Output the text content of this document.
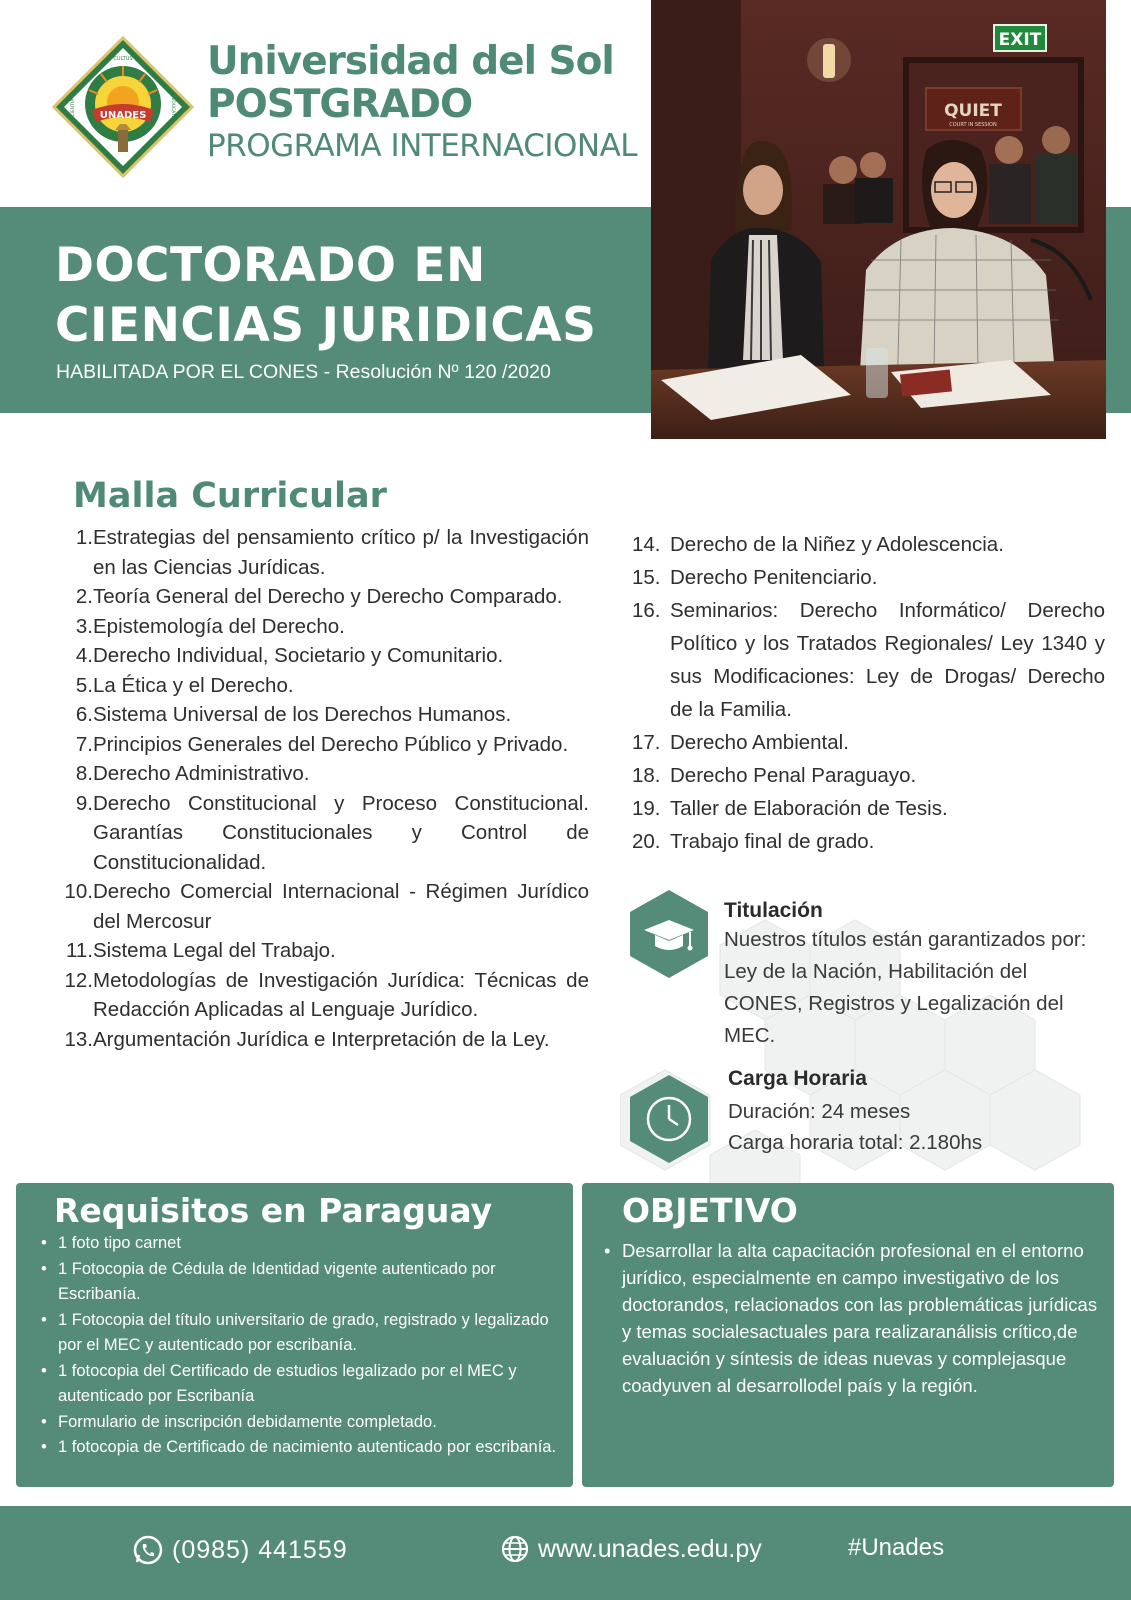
UNADES
CULTUS
SCIENTIA	EDUCATIO
Universidad del Sol
POSTGRADO
PROGRAMA INTERNACIONAL
DOCTORADO EN
CIENCIAS JURIDICAS
HABILITADA POR EL CONES - Resolución Nº 120 /2020
QUIET
COURT IN SESSION
EXIT
Malla Curricular
1. Estrategias del pensamiento crítico p/ la Investigación en las Ciencias Jurídicas.
2. Teoría General del Derecho y Derecho Comparado.
3. Epistemología del Derecho.
4. Derecho Individual, Societario y Comunitario.
5. La Ética y el Derecho.
6. Sistema Universal de los Derechos Humanos.
7. Principios Generales del Derecho Público y Privado.
8. Derecho Administrativo.
9. Derecho Constitucional y Proceso Constitucional. Garantías Constitucionales y Control de Constitucionalidad.
10. Derecho Comercial Internacional - Régimen Jurídico del Mercosur
11. Sistema Legal del Trabajo.
12. Metodologías de Investigación Jurídica: Técnicas de Redacción Aplicadas al Lenguaje Jurídico.
13. Argumentación Jurídica e Interpretación de la Ley.
14. Derecho de la Niñez y Adolescencia.
15. Derecho Penitenciario.
16. Seminarios: Derecho Informático/ Derecho Político y los Tratados Regionales/ Ley 1340 y sus Modificaciones: Ley de Drogas/ Derecho de la Familia.
17. Derecho Ambiental.
18. Derecho Penal Paraguayo.
19. Taller de Elaboración de Tesis.
20. Trabajo final de grado.
Titulación
Nuestros títulos están garantizados por: Ley de la Nación, Habilitación del CONES, Registros y Legalización del MEC.
Carga Horaria
Duración: 24 meses
Carga horaria total: 2.180hs
Requisitos en Paraguay
• 1 foto tipo carnet
• 1 Fotocopia de Cédula de Identidad vigente autenticado por Escribanía.
• 1 Fotocopia del título universitario de grado, registrado y legalizado por el MEC y autenticado por escribanía.
• 1 fotocopia del Certificado de estudios legalizado por el MEC y autenticado por Escribanía
• Formulario de inscripción debidamente completado.
• 1 fotocopia de Certificado de nacimiento autenticado por escribanía.
OBJETIVO
• Desarrollar la alta capacitación profesional en el entorno jurídico, especialmente en campo investigativo de los doctorandos, relacionados con las problemáticas jurídicas y temas socialesactuales para realizaranálisis crítico,de evaluación y síntesis de ideas nuevas y complejasque coadyuven al desarrollodel país y la región.
(0985) 441559	www.unades.edu.py	#Unades
